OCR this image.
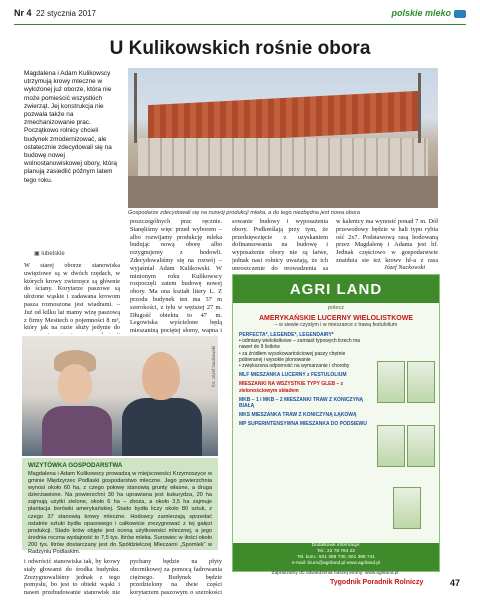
Nr 4 22 stycznia 2017	polskie mleko
U Kulikowskich rośnie obora
Magdalena i Adam Kulikowscy utrzymują krowy mleczne w wyłożonej już oborze, która nie może pomieścić wszystkich zwierząt. Jej konstrukcja nie pozwala także na zmechanizowanie prac. Początkowo rolnicy chcieli budynek zmodernizować, ale ostatecznie zdecydowali się na budowę nowej wolnostanowiskowej obory, którą planują zasiedlić późnym latem tego roku.
Gospodarze zdecydowali się na rozwój produkcji mleka, a do tego niezbędna jest nowa obora
▣ lubelskie
W starej oborze stanowiska uwięziowe są w dwóch rzędach, w których krowy zwierzęce są głównie do ściany. Korytarze paszowe są ułożone wąskie i zadawana krowom pasza roznoszona jest wiadrami. – Już od kilku lat mamy wizę paszową z firmy Mesitech o pojemności 8 m³, który jak na razie służy jedynie do
poszczególnych prac ręcznie. Stanęliśmy więc przed wyborem – albo rozwijamy produkcję mleka budując nową oborę albo rezygnujemy z hodowli. Zdecydowaliśmy się na rozwój – wyjaśniał Adam Kulikowski. W minionym roku Kulikowscy rozpoczęli zatem budowę nowej obory. Ma ona kształt litery L. Z przodu budynek ten ma 37 m szerokości, z tyłu w węższej 27 m. Długość obiektu to 47 m. Legowiska wyścielone będą mieszaniną pociętej słomy, wapna i
sowanie budowy i wyposażenia obory. Podkreślają przy tym, że przedsięwzięcie z uzyskaniem dofinansowania na budowę i wyposażenie obory nie są łatwe, jednak nasi rolnicy uważają, że ich uproszczenie do prowadzenia są
w kalenicy ma wynosić ponad 7 m. Dół przewodowy będzie w hali typu rybia ość 2x7. Podstawową rasą hodowaną przez Magdalenę i Adama jest hf. Jednak częściowo w gospodarstwie znajdują się też krowy hf-a z rasą
Józef Nuckowski
fot. Józef Nuckowski
WIZYTÓWKA GOSPODARSTWA
Magdalena i Adam Kulikowscy prowadzą w miejscowości Krzymoszyce w gminie Międzyrzec Podlaski gospodarstwo mleczne. Jego powierzchnia wynosi około 60 ha, z czego połowę stanowią grunty własne, a druga dzierżawione. Na powierzchni 30 ha uprawiana jest kukurydza, 20 ha zajmują użytki zielone, około 6 ha – zboża, a około 3,5 ha zajmuje plantacja borówki amerykańskiej. Stado bydła liczy około 80 sztuk, z czego 37 stanowią krowy mleczne. Hodowcy zamierzają sprzedać ostatnie sztuki bydła opasowego i całkowicie zrezygnować z tej gałęzi produkcji. Stado krów objęte jest oceną użytkowości mlecznej, a jego średnia roczna wydajność to 7,5 tys. litrów mleka. Surowiec w ilości około 200 tys. litrów dostarczany jest do Spółdzielczej Mleczarni „Spomlek” w Radzyniu Podlaskim.
i odwrócić stanowiska tak, by krowy stały głowami do środka budynku. Zrezygnowaliśmy jednak z tego pomysłu, bo jest to obiekt wąski i nawet przebudowanie stanowisk nie
pychany będzie na płyty obornikowej za pomocą fadrowania ciężnego. Budynek będzie przedzielony na dwie części korytarzem paszowym o szerokości
AGRI LAND
polecz
AMERYKAŃSKIE LUCERNY WIELOLISTKOWE
– w siewie czystym i w mieszance z trawą festulolium
PERFECTA*, LEGENDE*, LEGENDAIRY*
• odmiany wielolistkowe – zamiast typowych trzech ma nawet do 9 listków
• za źródłem wysokowartościowej paszy chętnie pobieranej i wysokie plonowanie
• zwiększona odporność na wymarzanie i choroby
MLF MIESZANKA LUCERNY z FESTULOLIUM
MIESZANKI NA WSZYSTKIE TYPY GLEB – z zielonościowym składem
MKB – 1 i MKB – 2 MIESZANKI TRAW Z KONICZYNĄ BIAŁĄ
MKS MIESZANKA TRAW Z KONICZYNĄ ŁĄKOWĄ
MP SUPERINTENSYWNA MIESZANKA DO PODSIEWU
Dodatkowe informacje:
Tel.: 22 78 764 22
Tel. kom.: 601 388 730, 601 388 741
e-mail: biuro@agriland.pl www.agriland.pl
Zapraszamy do odwiedzenia naszej strony: www.agriland.pl
Tygodnik Poradnik Rolniczy	47
